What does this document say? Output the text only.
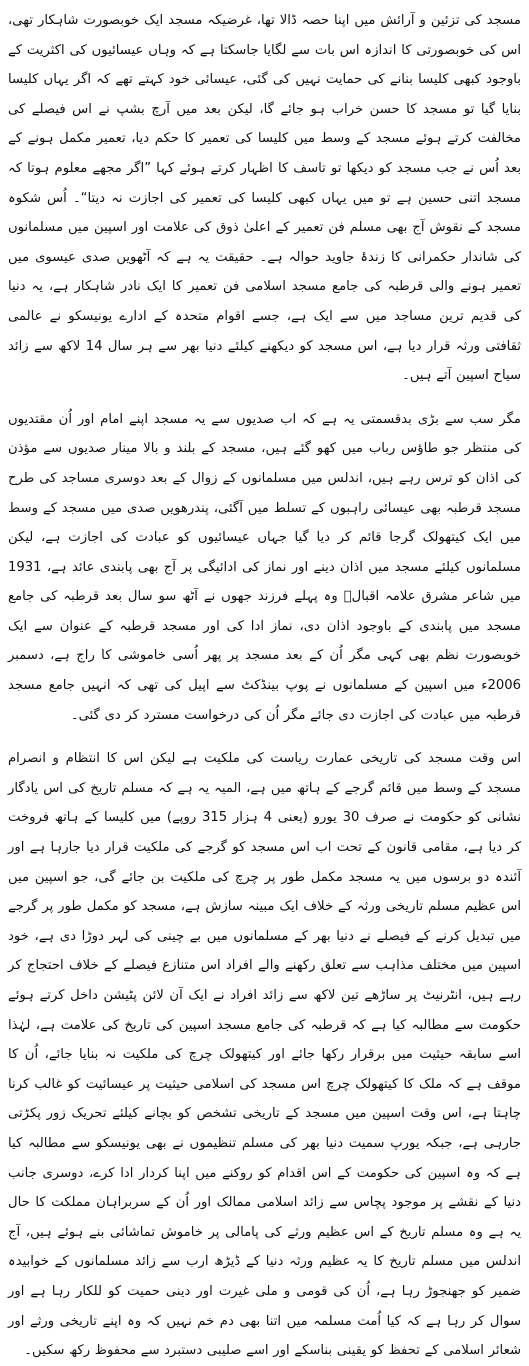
مسجد کی تزئین و آرائش میں اپنا حصہ ڈالا تھا، غرضیکہ مسجد ایک خوبصورت شاہکار تھی، اس کی خوبصورتی کا اندازہ اس بات سے لگایا جاسکتا ہے کہ وہاں عیسائیوں کی اکثریت کے باوجود کبھی کلیسا بنانے کی حمایت نہیں کی گئی، عیسائی خود کہتے تھے کہ اگر یہاں کلیسا بنایا گیا تو مسجد کا حسن خراب ہو جائے گا، لیکن بعد میں آرچ بشپ نے اس فیصلے کی مخالفت کرتے ہوئے مسجد کے وسط میں کلیسا کی تعمیر کا حکم دیا، تعمیر مکمل ہونے کے بعد اُس نے جب مسجد کو دیکھا تو تاسف کا اظہار کرتے ہوئے کہا ”اگر مجھے معلوم ہوتا کہ مسجد اتنی حسین ہے تو میں یہاں کبھی کلیسا کی تعمیر کی اجازت نہ دیتا“۔ اُس شکوہ مسجد کے نقوش آج بھی مسلم فن تعمیر کے اعلیٰ ذوق کی علامت اور اسپین میں مسلمانوں کی شاندار حکمرانی کا زندۂ جاوید حوالہ ہے۔ حقیقت یہ ہے کہ آٹھویں صدی عیسوی میں تعمیر ہونے والی قرطبہ کی جامع مسجد اسلامی فن تعمیر کا ایک نادر شاہکار ہے، یہ دنیا کی قدیم ترین مساجد میں سے ایک ہے، جسے اقوام متحدہ کے ادارے یونیسکو نے عالمی ثقافتی ورثہ قرار دیا ہے، اس مسجد کو دیکھنے کیلئے دنیا بھر سے ہر سال 14 لاکھ سے زائد سیاح اسپین آتے ہیں۔

مگر سب سے بڑی بدقسمتی یہ ہے کہ اب صدیوں سے یہ مسجد اپنے امام اور اُن مقتدیوں کی منتظر جو طاؤس رباب میں کھو گئے ہیں، مسجد کے بلند و بالا مینار صدیوں سے مؤذن کی اذان کو ترس رہے ہیں، اندلس میں مسلمانوں کے زوال کے بعد دوسری مساجد کی طرح مسجد قرطبہ بھی عیسائی راہبوں کے تسلط میں آگئی، پندرھویں صدی میں مسجد کے وسط میں ایک کیتھولک گرجا قائم کر دیا گیا جہاں عیسائیوں کو عبادت کی اجازت ہے، لیکن مسلمانوں کیلئے مسجد میں اذان دینے اور نماز کی ادائیگی پر آج بھی پابندی عائد ہے، 1931 میں شاعر مشرق علامہ اقبالؒ وہ پہلے فرزند جھوں نے آٹھ سو سال بعد قرطبہ کی جامع مسجد میں پابندی کے باوجود اذان دی، نماز ادا کی اور مسجد قرطبہ کے عنوان سے ایک خوبصورت نظم بھی کہی مگر اُن کے بعد مسجد پر پھر اُسی خاموشی کا راج ہے، دسمبر 2006ء میں اسپین کے مسلمانوں نے پوپ بینڈکٹ سے اپیل کی تھی کہ انہیں جامع مسجد قرطبہ میں عبادت کی اجازت دی جائے مگر اُن کی درخواست مسترد کر دی گئی۔

اس وقت مسجد کی تاریخی عمارت ریاست کی ملکیت ہے لیکن اس کا انتظام و انصرام مسجد کے وسط میں قائم گرجے کے ہاتھ میں ہے، المیہ یہ ہے کہ مسلم تاریخ کی اس یادگار نشانی کو حکومت نے صرف 30 یورو (یعنی 4 ہزار 315 روپے) میں کلیسا کے ہاتھ فروخت کر دیا ہے، مقامی قانون کے تحت اب اس مسجد کو گرجے کی ملکیت قرار دیا جارہا ہے اور آئندہ دو برسوں میں یہ مسجد مکمل طور پر چرچ کی ملکیت بن جائے گی، جو اسپین میں اس عظیم مسلم تاریخی ورثہ کے خلاف ایک مبینہ سازش ہے، مسجد کو مکمل طور پر گرجے میں تبدیل کرنے کے فیصلے نے دنیا بھر کے مسلمانوں میں بے چینی کی لہر دوڑا دی ہے، خود اسپین میں مختلف مذاہب سے تعلق رکھنے والے افراد اس متنازع فیصلے کے خلاف احتجاج کر رہے ہیں، انٹرنیٹ پر ساڑھے تین لاکھ سے زائد افراد نے ایک آن لائن پٹیشن داخل کرتے ہوئے حکومت سے مطالبہ کیا ہے کہ قرطبہ کی جامع مسجد اسپین کی تاریخ کی علامت ہے، لہٰذا اسے سابقہ حیثیت میں برقرار رکھا جائے اور کیتھولک چرچ کی ملکیت نہ بنایا جائے، اُن کا موقف ہے کہ ملک کا کیتھولک چرچ اس مسجد کی اسلامی حیثیت پر عیسائیت کو غالب کرنا چاہتا ہے، اس وقت اسپین میں مسجد کے تاریخی تشخص کو بچانے کیلئے تحریک زور پکڑتی جارہی ہے، جبکہ یورپ سمیت دنیا بھر کی مسلم تنظیموں نے بھی یونیسکو سے مطالبہ کیا ہے کہ وہ اسپین کی حکومت کے اس اقدام کو روکنے میں اپنا کردار ادا کرے، دوسری جانب دنیا کے نقشے پر موجود پچاس سے زائد اسلامی ممالک اور اُن کے سربراہان مملکت کا حال یہ ہے وہ مسلم تاریخ کے اس عظیم ورثے کی پامالی پر خاموش تماشائی بنے ہوئے ہیں، آج اندلس میں مسلم تاریخ کا یہ عظیم ورثہ دنیا کے ڈیڑھ ارب سے زائد مسلمانوں کے خوابیدہ ضمیر کو جھنجوڑ رہا ہے، اُن کی قومی و ملی غیرت اور دینی حمیت کو للکار رہا ہے اور سوال کر رہا ہے کہ کیا اُمت مسلمہ میں اتنا بھی دم خم نہیں کہ وہ اپنے تاریخی ورثے اور شعائر اسلامی کے تحفظ کو یقینی بناسکے اور اسے صلیبی دستبرد سے محفوظ رکھ سکیں۔
